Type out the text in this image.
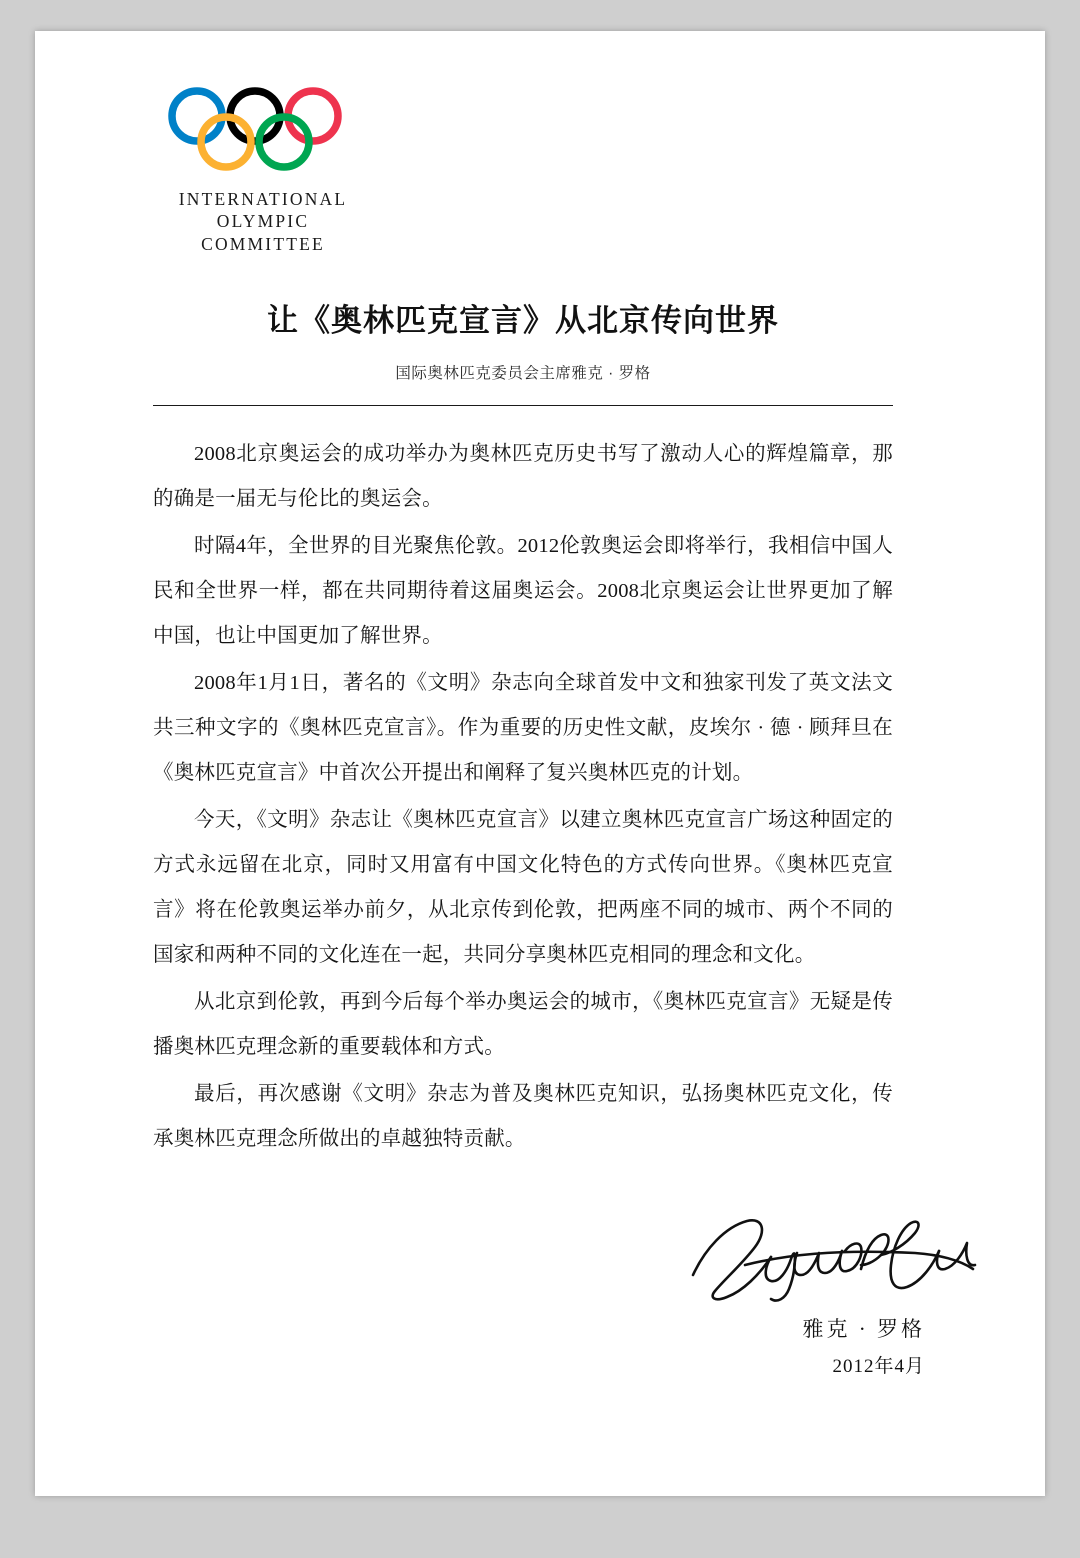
INTERNATIONAL
OLYMPIC
COMMITTEE
让《奥林匹克宣言》从北京传向世界
国际奥林匹克委员会主席雅克 · 罗格

2008北京奥运会的成功举办为奥林匹克历史书写了激动人心的辉煌篇章，那的确是一届无与伦比的奥运会。

时隔4年，全世界的目光聚焦伦敦。2012伦敦奥运会即将举行，我相信中国人民和全世界一样，都在共同期待着这届奥运会。2008北京奥运会让世界更加了解中国，也让中国更加了解世界。

2008年1月1日，著名的《文明》杂志向全球首发中文和独家刊发了英文法文共三种文字的《奥林匹克宣言》。作为重要的历史性文献，皮埃尔 · 德 · 顾拜旦在《奥林匹克宣言》中首次公开提出和阐释了复兴奥林匹克的计划。

今天，《文明》杂志让《奥林匹克宣言》以建立奥林匹克宣言广场这种固定的方式永远留在北京，同时又用富有中国文化特色的方式传向世界。《奥林匹克宣言》将在伦敦奥运举办前夕，从北京传到伦敦，把两座不同的城市、两个不同的国家和两种不同的文化连在一起，共同分享奥林匹克相同的理念和文化。

从北京到伦敦，再到今后每个举办奥运会的城市，《奥林匹克宣言》无疑是传播奥林匹克理念新的重要载体和方式。

最后，再次感谢《文明》杂志为普及奥林匹克知识，弘扬奥林匹克文化，传承奥林匹克理念所做出的卓越独特贡献。

雅克 · 罗格
2012年4月
